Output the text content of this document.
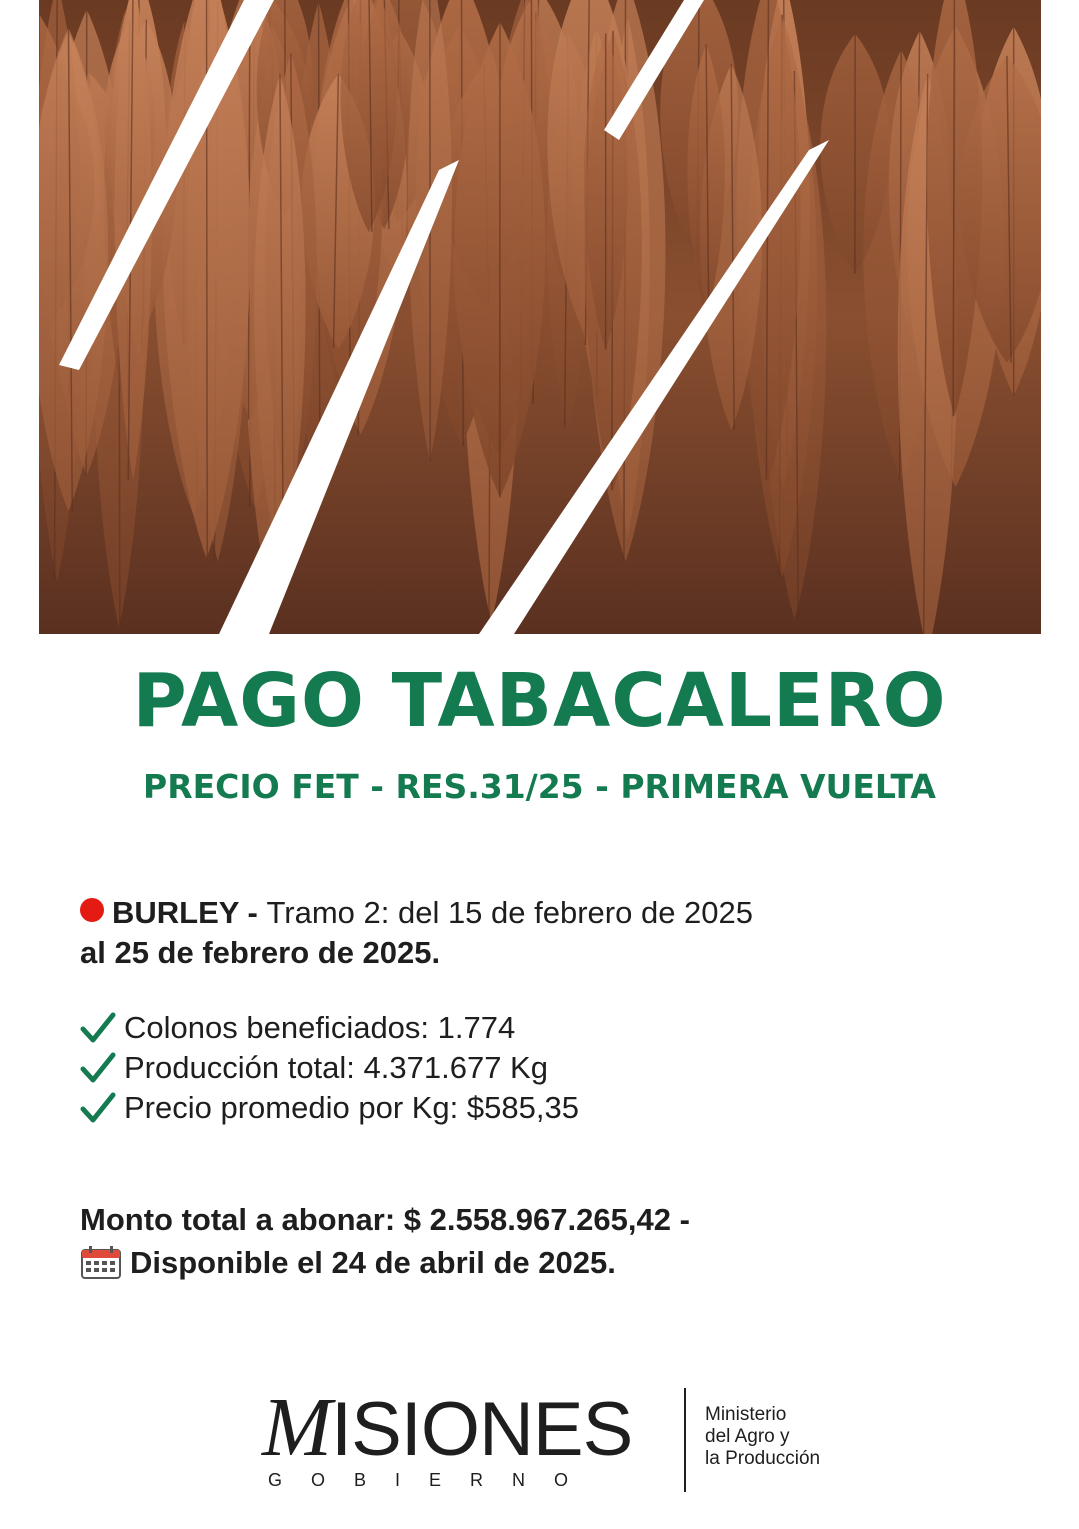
PAGO TABACALERO
PRECIO FET - RES.31/25 - PRIMERA VUELTA
BURLEY - Tramo 2: del 15 de febrero de 2025
al 25 de febrero de 2025.
Colonos beneficiados: 1.774
Producción total: 4.371.677 Kg
Precio promedio por Kg: $585,35
Monto total a abonar: $ 2.558.967.265,42 -
Disponible el 24 de abril de 2025.
MISIONES
GOBIERNO
Ministerio
del Agro y
la Producción
